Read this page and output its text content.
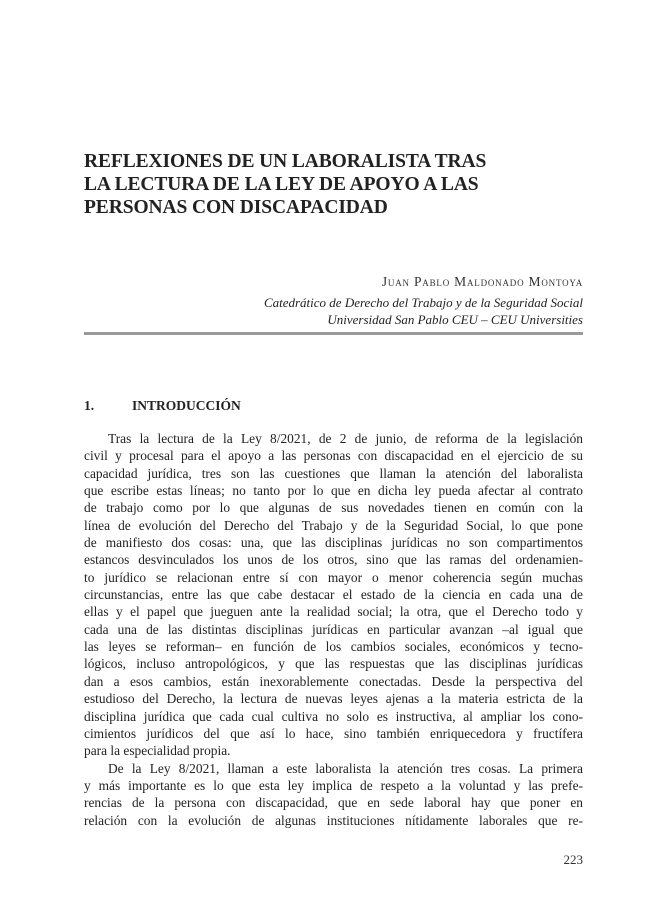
REFLEXIONES DE UN LABORALISTA TRAS
LA LECTURA DE LA LEY DE APOYO A LAS
PERSONAS CON DISCAPACIDAD
Juan Pablo Maldonado Montoya
Catedrático de Derecho del Trabajo y de la Seguridad Social
Universidad San Pablo CEU – CEU Universities
1.	INTRODUCCIÓN

Tras la lectura de la Ley 8/2021, de 2 de junio, de reforma de la legislación
civil y procesal para el apoyo a las personas con discapacidad en el ejercicio de su
capacidad jurídica, tres son las cuestiones que llaman la atención del laboralista
que escribe estas líneas; no tanto por lo que en dicha ley pueda afectar al contrato
de trabajo como por lo que algunas de sus novedades tienen en común con la
línea de evolución del Derecho del Trabajo y de la Seguridad Social, lo que pone
de manifiesto dos cosas: una, que las disciplinas jurídicas no son compartimentos
estancos desvinculados los unos de los otros, sino que las ramas del ordenamien-
to jurídico se relacionan entre sí con mayor o menor coherencia según muchas
circunstancias, entre las que cabe destacar el estado de la ciencia en cada una de
ellas y el papel que jueguen ante la realidad social; la otra, que el Derecho todo y
cada una de las distintas disciplinas jurídicas en particular avanzan –al igual que
las leyes se reforman– en función de los cambios sociales, económicos y tecno-
lógicos, incluso antropológicos, y que las respuestas que las disciplinas jurídicas
dan a esos cambios, están inexorablemente conectadas. Desde la perspectiva del
estudioso del Derecho, la lectura de nuevas leyes ajenas a la materia estricta de la
disciplina jurídica que cada cual cultiva no solo es instructiva, al ampliar los cono-
cimientos jurídicos del que así lo hace, sino también enriquecedora y fructífera
para la especialidad propia.

De la Ley 8/2021, llaman a este laboralista la atención tres cosas. La primera
y más importante es lo que esta ley implica de respeto a la voluntad y las prefe-
rencias de la persona con discapacidad, que en sede laboral hay que poner en
relación con la evolución de algunas instituciones nítidamente laborales que re-

223
